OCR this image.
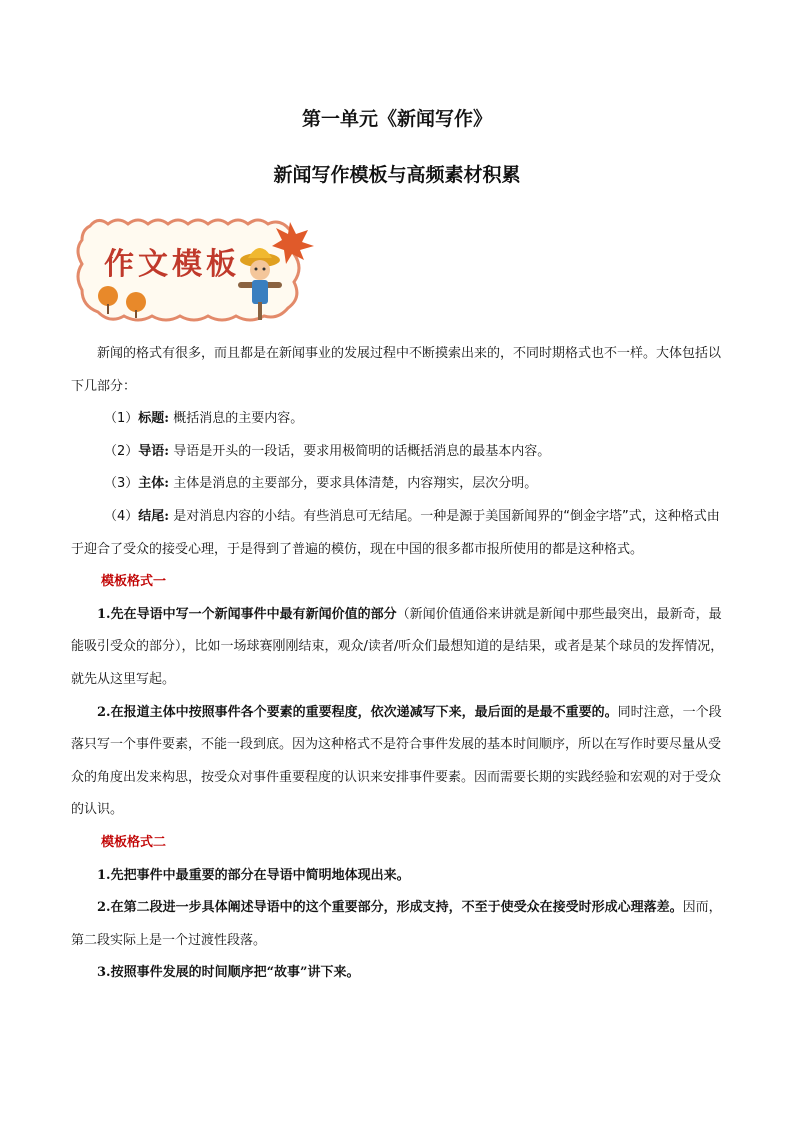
第一单元《新闻写作》
新闻写作模板与高频素材积累
作文模板

新闻的格式有很多，而且都是在新闻事业的发展过程中不断摸索出来的，不同时期格式也不一样。大体包括以下几部分：

（1）标题: 概括消息的主要内容。

（2）导语: 导语是开头的一段话，要求用极简明的话概括消息的最基本内容。

（3）主体: 主体是消息的主要部分，要求具体清楚，内容翔实，层次分明。

（4）结尾: 是对消息内容的小结。有些消息可无结尾。一种是源于美国新闻界的“倒金字塔”式，这种格式由于迎合了受众的接受心理，于是得到了普遍的模仿，现在中国的很多都市报所使用的都是这种格式。

模板格式一

1.先在导语中写一个新闻事件中最有新闻价值的部分（新闻价值通俗来讲就是新闻中那些最突出，最新奇，最能吸引受众的部分），比如一场球赛刚刚结束，观众/读者/听众们最想知道的是结果，或者是某个球员的发挥情况，就先从这里写起。

2.在报道主体中按照事件各个要素的重要程度，依次递减写下来，最后面的是最不重要的。同时注意，一个段落只写一个事件要素，不能一段到底。因为这种格式不是符合事件发展的基本时间顺序，所以在写作时要尽量从受众的角度出发来构思，按受众对事件重要程度的认识来安排事件要素。因而需要长期的实践经验和宏观的对于受众的认识。

模板格式二

1.先把事件中最重要的部分在导语中简明地体现出来。

2.在第二段进一步具体阐述导语中的这个重要部分，形成支持，不至于使受众在接受时形成心理落差。因而，第二段实际上是一个过渡性段落。

3.按照事件发展的时间顺序把“故事”讲下来。
